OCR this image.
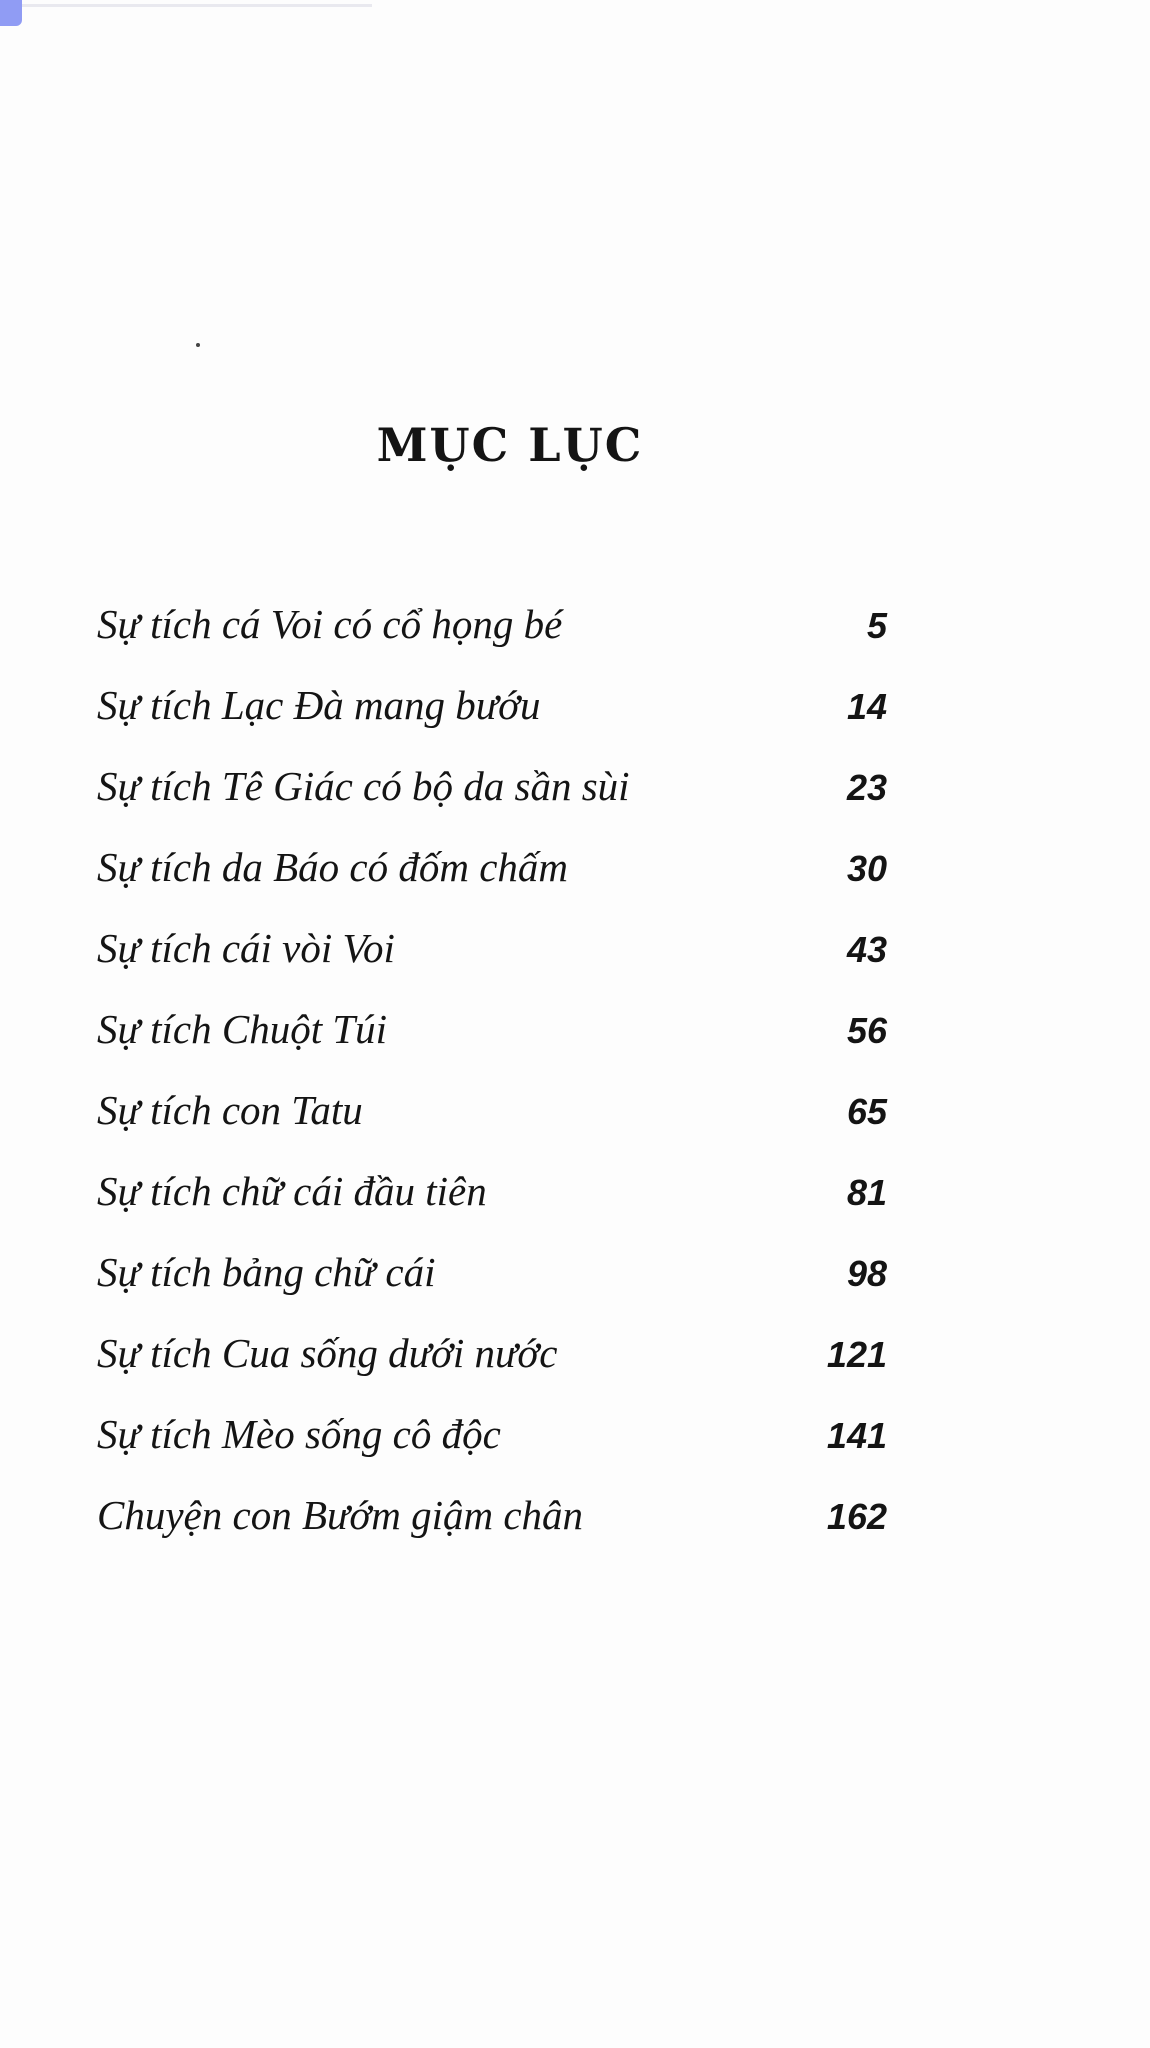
MỤC LỤC
Sự tích cá Voi có cổ họng bé	5
Sự tích Lạc Đà mang bướu	14
Sự tích Tê Giác có bộ da sần sùi	23
Sự tích da Báo có đốm chấm	30
Sự tích cái vòi Voi	43
Sự tích Chuột Túi	56
Sự tích con Tatu	65
Sự tích chữ cái đầu tiên	81
Sự tích bảng chữ cái	98
Sự tích Cua sống dưới nước	121
Sự tích Mèo sống cô độc	141
Chuyện con Bướm giậm chân	162
